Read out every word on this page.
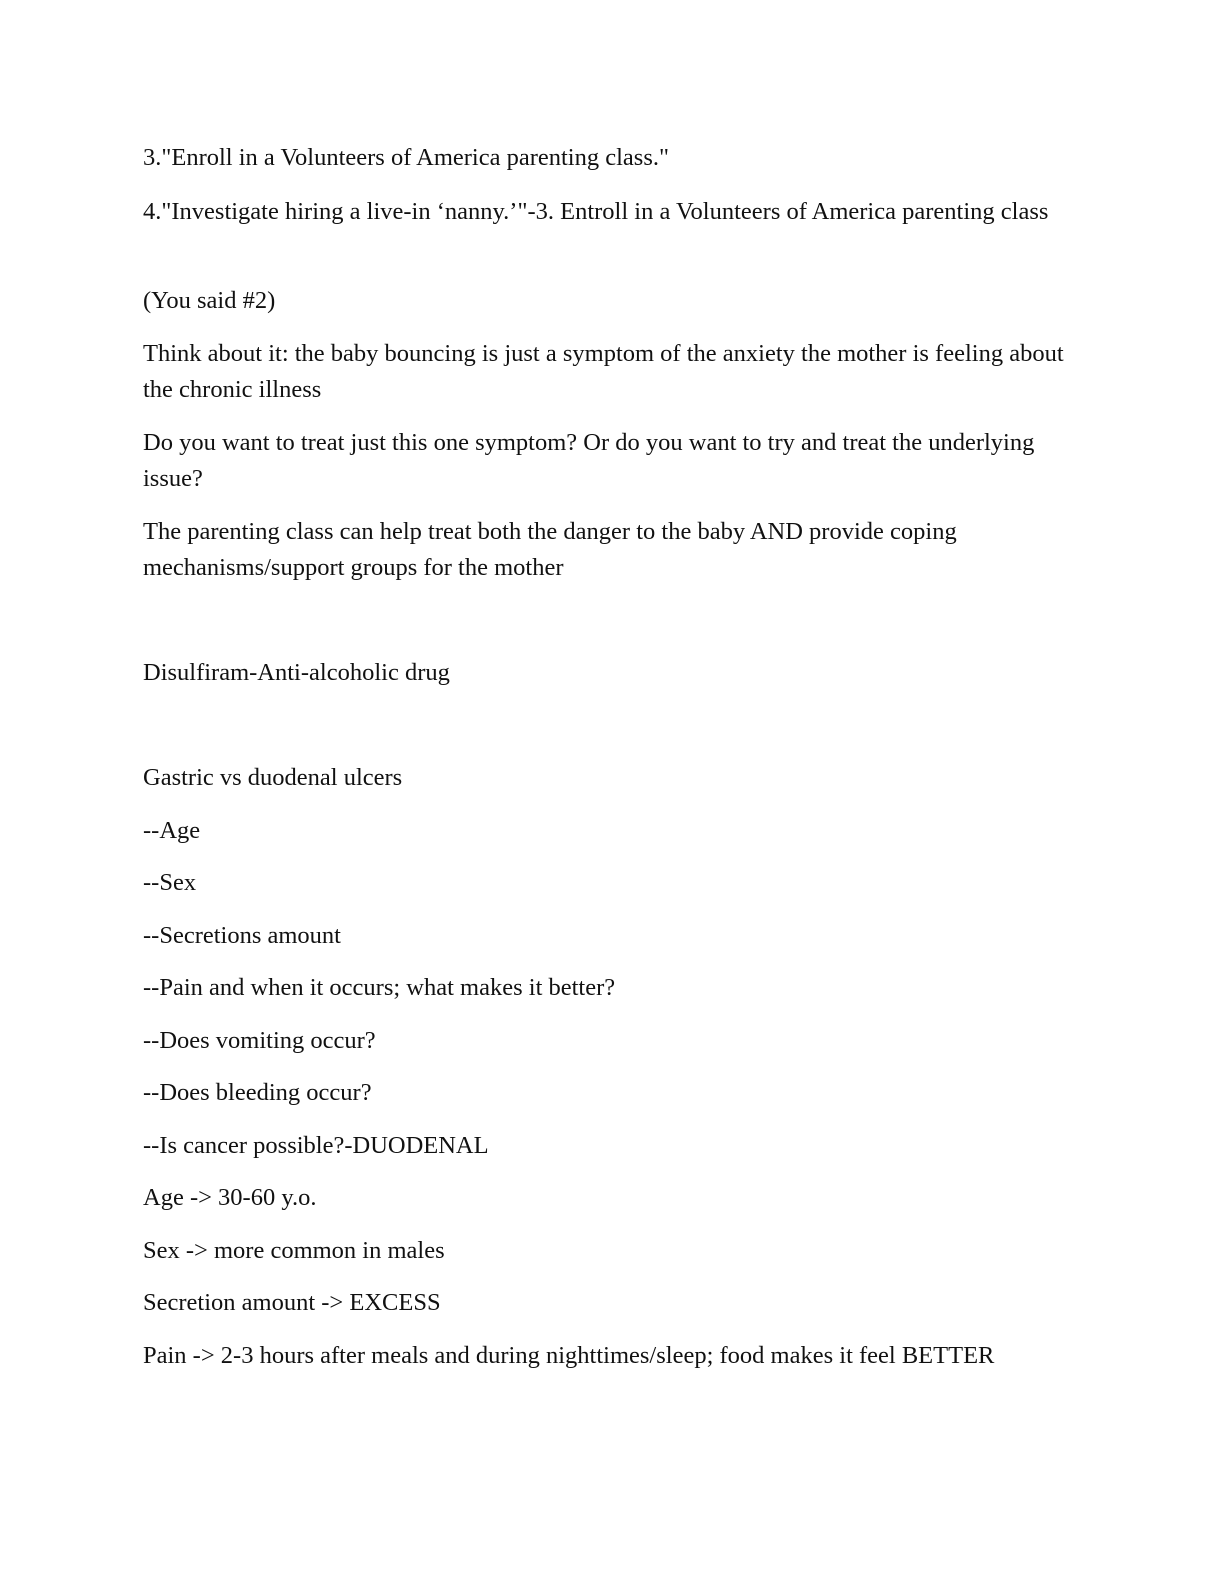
3."Enroll in a Volunteers of America parenting class."

4."Investigate hiring a live-in ‘nanny.’"-3. Entroll in a Volunteers of America parenting class

(You said #2)

Think about it: the baby bouncing is just a symptom of the anxiety the mother is feeling about the chronic illness

Do you want to treat just this one symptom? Or do you want to try and treat the underlying issue?

The parenting class can help treat both the danger to the baby AND provide coping mechanisms/support groups for the mother

Disulfiram-Anti-alcoholic drug

Gastric vs duodenal ulcers

--Age

--Sex

--Secretions amount

--Pain and when it occurs; what makes it better?

--Does vomiting occur?

--Does bleeding occur?

--Is cancer possible?-DUODENAL

Age -> 30-60 y.o.

Sex -> more common in males

Secretion amount -> EXCESS

Pain -> 2-3 hours after meals and during nighttimes/sleep; food makes it feel BETTER
